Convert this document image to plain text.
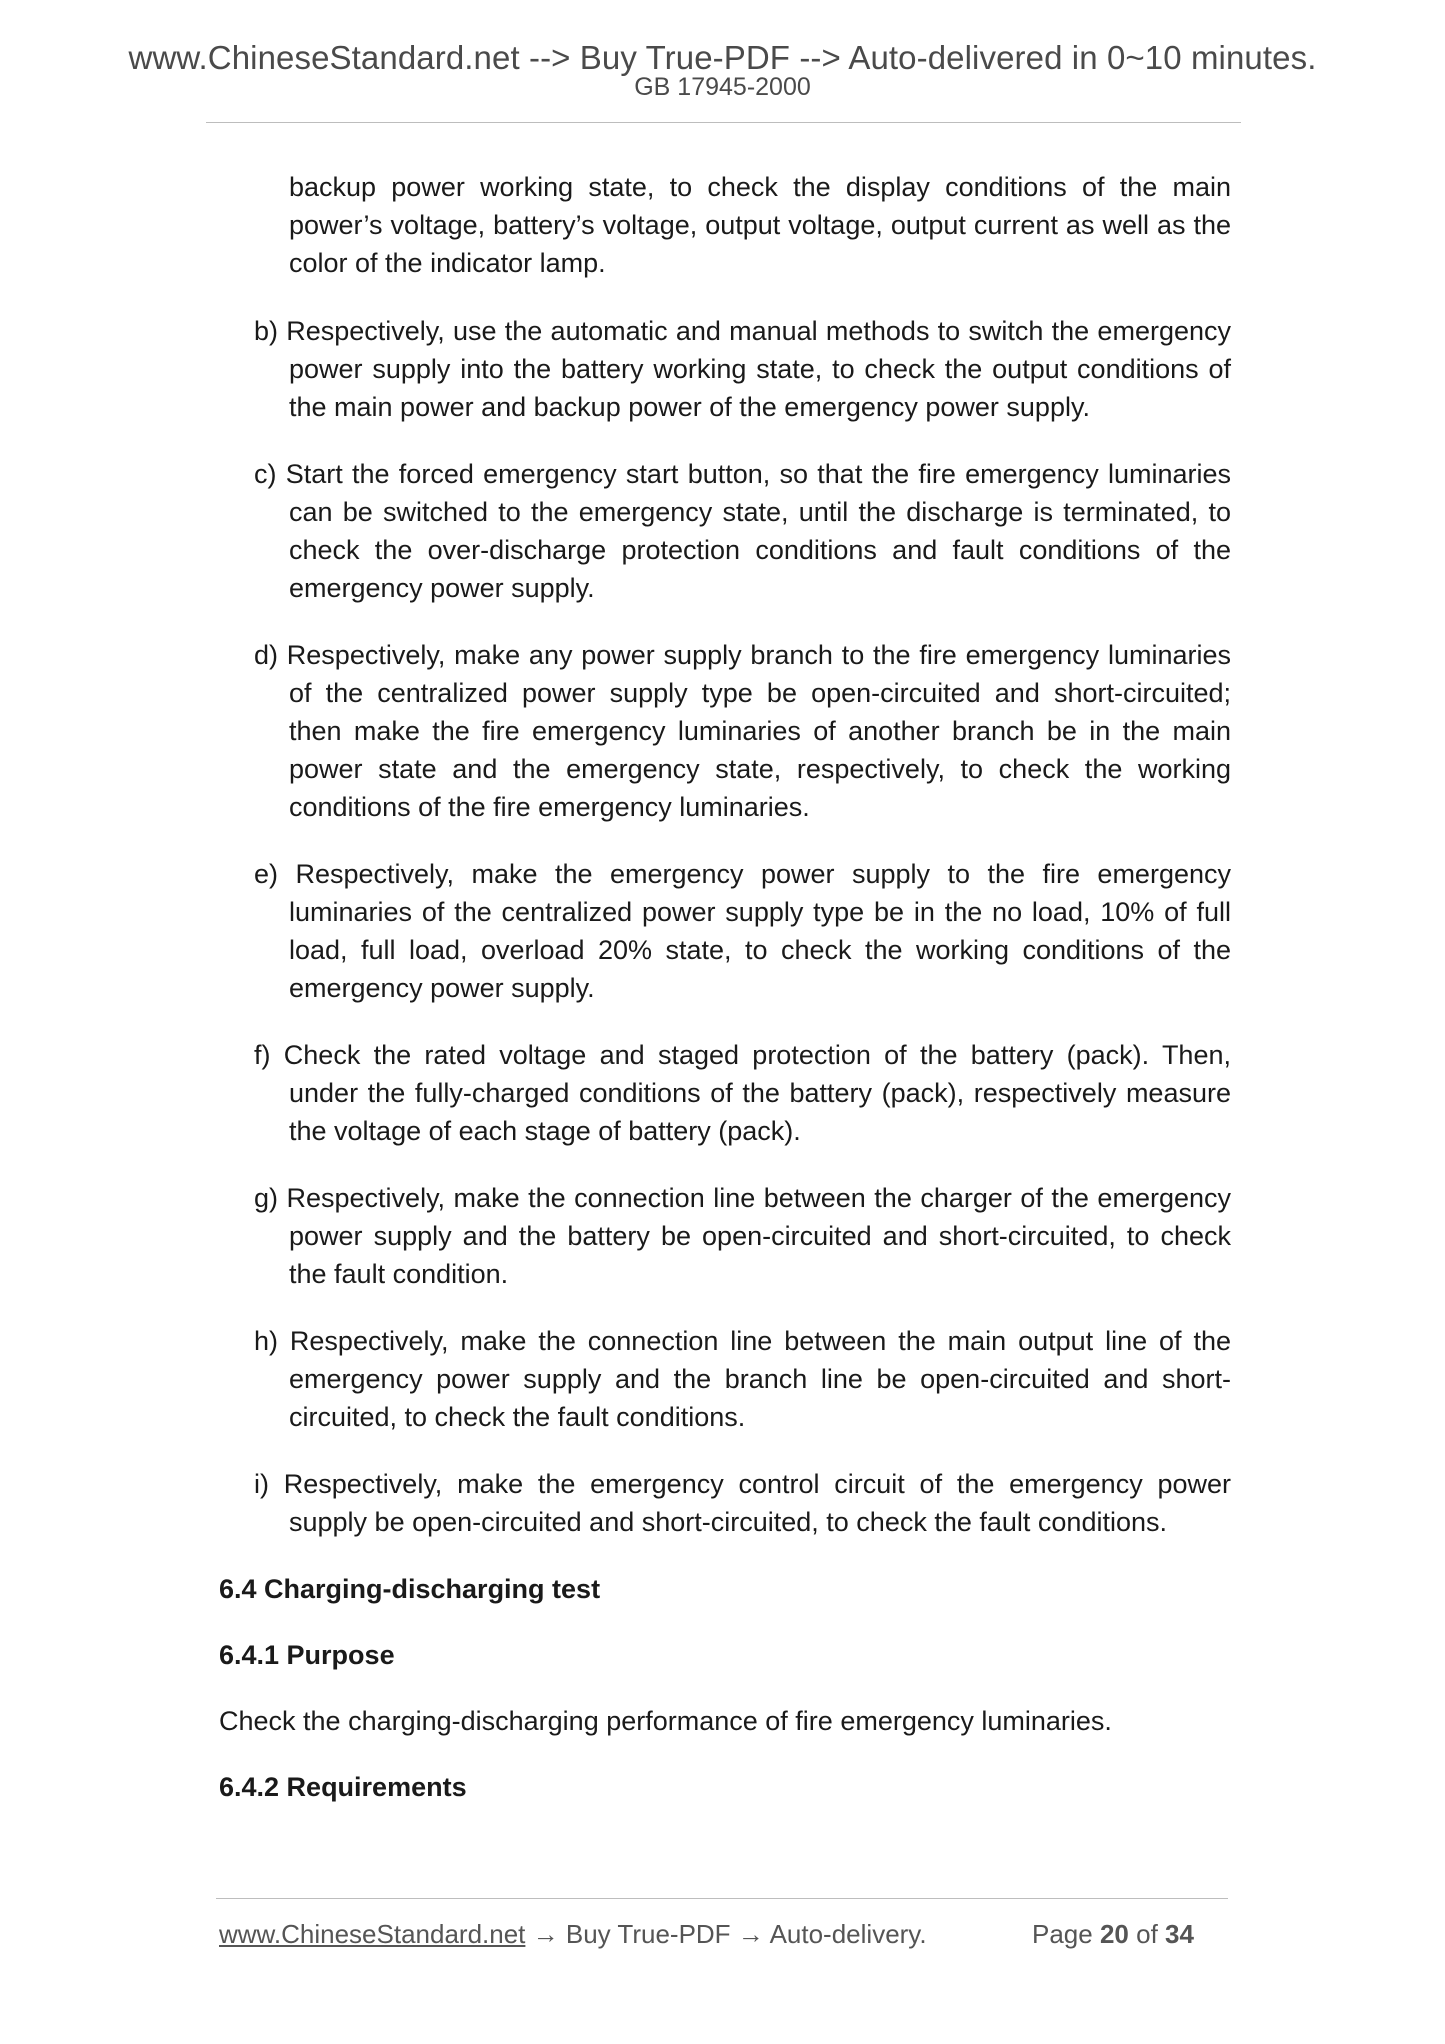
www.ChineseStandard.net --> Buy True-PDF --> Auto-delivered in 0~10 minutes.
GB 17945-2000
backup power working state, to check the display conditions of the main power’s voltage, battery’s voltage, output voltage, output current as well as the color of the indicator lamp.
b) Respectively, use the automatic and manual methods to switch the emergency power supply into the battery working state, to check the output conditions of the main power and backup power of the emergency power supply.
c) Start the forced emergency start button, so that the fire emergency luminaries can be switched to the emergency state, until the discharge is terminated, to check the over-discharge protection conditions and fault conditions of the emergency power supply.
d) Respectively, make any power supply branch to the fire emergency luminaries of the centralized power supply type be open-circuited and short-circuited; then make the fire emergency luminaries of another branch be in the main power state and the emergency state, respectively, to check the working conditions of the fire emergency luminaries.
e) Respectively, make the emergency power supply to the fire emergency luminaries of the centralized power supply type be in the no load, 10% of full load, full load, overload 20% state, to check the working conditions of the emergency power supply.
f) Check the rated voltage and staged protection of the battery (pack). Then, under the fully-charged conditions of the battery (pack), respectively measure the voltage of each stage of battery (pack).
g) Respectively, make the connection line between the charger of the emergency power supply and the battery be open-circuited and short-circuited, to check the fault condition.
h) Respectively, make the connection line between the main output line of the emergency power supply and the branch line be open-circuited and short-circuited, to check the fault conditions.
i) Respectively, make the emergency control circuit of the emergency power supply be open-circuited and short-circuited, to check the fault conditions.
6.4 Charging-discharging test
6.4.1 Purpose
Check the charging-discharging performance of fire emergency luminaries.
6.4.2 Requirements
www.ChineseStandard.net → Buy True-PDF → Auto-delivery.	Page 20 of 34
